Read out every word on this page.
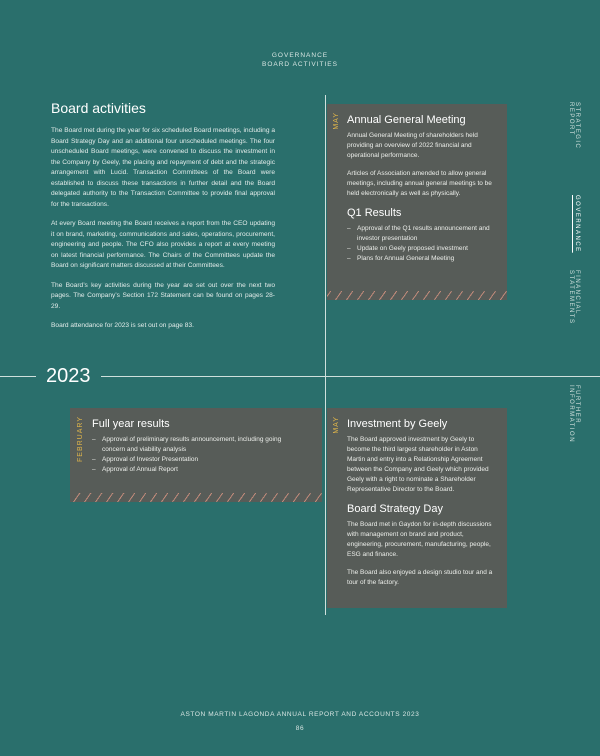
GOVERNANCE
BOARD ACTIVITIES
Board activities

The Board met during the year for six scheduled Board meetings, including a Board Strategy Day and an additional four unscheduled meetings. The four unscheduled Board meetings, were convened to discuss the investment in the Company by Geely, the placing and repayment of debt and the strategic arrangement with Lucid. Transaction Committees of the Board were established to discuss these transactions in further detail and the Board delegated authority to the Transaction Committee to provide final approval for the transactions.

At every Board meeting the Board receives a report from the CEO updating it on brand, marketing, communications and sales, operations, procurement, engineering and people. The CFO also provides a report at every meeting on latest financial performance. The Chairs of the Committees update the Board on significant matters discussed at their Committees.

The Board’s key activities during the year are set out over the next two pages. The Company’s Section 172 Statement can be found on pages 28-29.

Board attendance for 2023 is set out on page 83.

2023
STRATEGIC REPORT
GOVERNANCE
FINANCIAL STATEMENTS
FURTHER INFORMATION
MAY Annual General Meeting

Annual General Meeting of shareholders held providing an overview of 2022 financial and operational performance.

Articles of Association amended to allow general meetings, including annual general meetings to be held electronically as well as physically.

Q1 Results
– Approval of the Q1 results announcement and investor presentation
– Update on Geely proposed investment
– Plans for Annual General Meeting
FEBRUARY Full year results
– Approval of preliminary results announcement, including going concern and viability analysis
– Approval of Investor Presentation
– Approval of Annual Report
MAY Investment by Geely

The Board approved investment by Geely to become the third largest shareholder in Aston Martin and entry into a Relationship Agreement between the Company and Geely which provided Geely with a right to nominate a Shareholder Representative Director to the Board.

Board Strategy Day

The Board met in Gaydon for in-depth discussions with management on brand and product, engineering, procurement, manufacturing, people, ESG and finance.

The Board also enjoyed a design studio tour and a tour of the factory.

ASTON MARTIN LAGONDA ANNUAL REPORT AND ACCOUNTS 2023
86
